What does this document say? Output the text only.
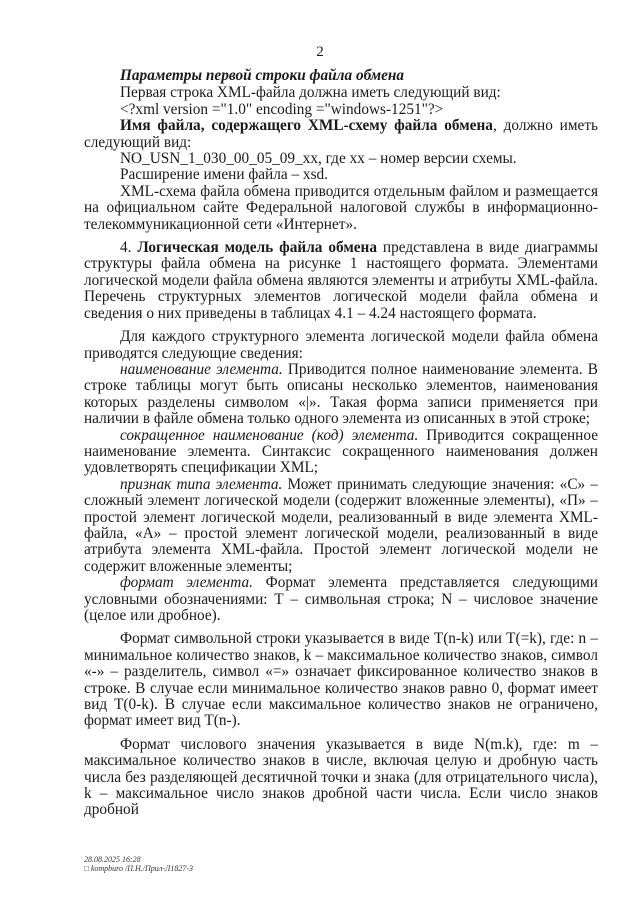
2

Параметры первой строки файла обмена

Первая строка XML-файла должна иметь следующий вид:

<?xml version ="1.0" encoding ="windows-1251"?>

Имя файла, содержащего XML-схему файла обмена, должно иметь следующий вид:

NO_USN_1_030_00_05_09_xx, где xx – номер версии схемы.

Расширение имени файла – xsd.

XML-схема файла обмена приводится отдельным файлом и размещается на официальном сайте Федеральной налоговой службы в информационно-телекоммуникационной сети «Интернет».

4. Логическая модель файла обмена представлена в виде диаграммы структуры файла обмена на рисунке 1 настоящего формата. Элементами логической модели файла обмена являются элементы и атрибуты XML-файла. Перечень структурных элементов логической модели файла обмена и сведения о них приведены в таблицах 4.1 – 4.24 настоящего формата.

Для каждого структурного элемента логической модели файла обмена приводятся следующие сведения:

наименование элемента. Приводится полное наименование элемента. В строке таблицы могут быть описаны несколько элементов, наименования которых разделены символом «|». Такая форма записи применяется при наличии в файле обмена только одного элемента из описанных в этой строке;

сокращенное наименование (код) элемента. Приводится сокращенное наименование элемента. Синтаксис сокращенного наименования должен удовлетворять спецификации XML;

признак типа элемента. Может принимать следующие значения: «С» – сложный элемент логической модели (содержит вложенные элементы), «П» – простой элемент логической модели, реализованный в виде элемента XML-файла, «А» – простой элемент логической модели, реализованный в виде атрибута элемента XML-файла. Простой элемент логической модели не содержит вложенные элементы;

формат элемента. Формат элемента представляется следующими условными обозначениями: Т – символьная строка; N – числовое значение (целое или дробное).

Формат символьной строки указывается в виде Т(n-k) или Т(=k), где: n – минимальное количество знаков, k – максимальное количество знаков, символ «-» – разделитель, символ «=» означает фиксированное количество знаков в строке. В случае если минимальное количество знаков равно 0, формат имеет вид Т(0-k). В случае если максимальное количество знаков не ограничено, формат имеет вид Т(n-).

Формат числового значения указывается в виде N(m.k), где: m – максимальное количество знаков в числе, включая целую и дробную часть числа без разделяющей десятичной точки и знака (для отрицательного числа), k – максимальное число знаков дробной части числа. Если число знаков дробной

28.08.2025 16:28
□ kompburo /П.Н./Прил-Л1827-3
